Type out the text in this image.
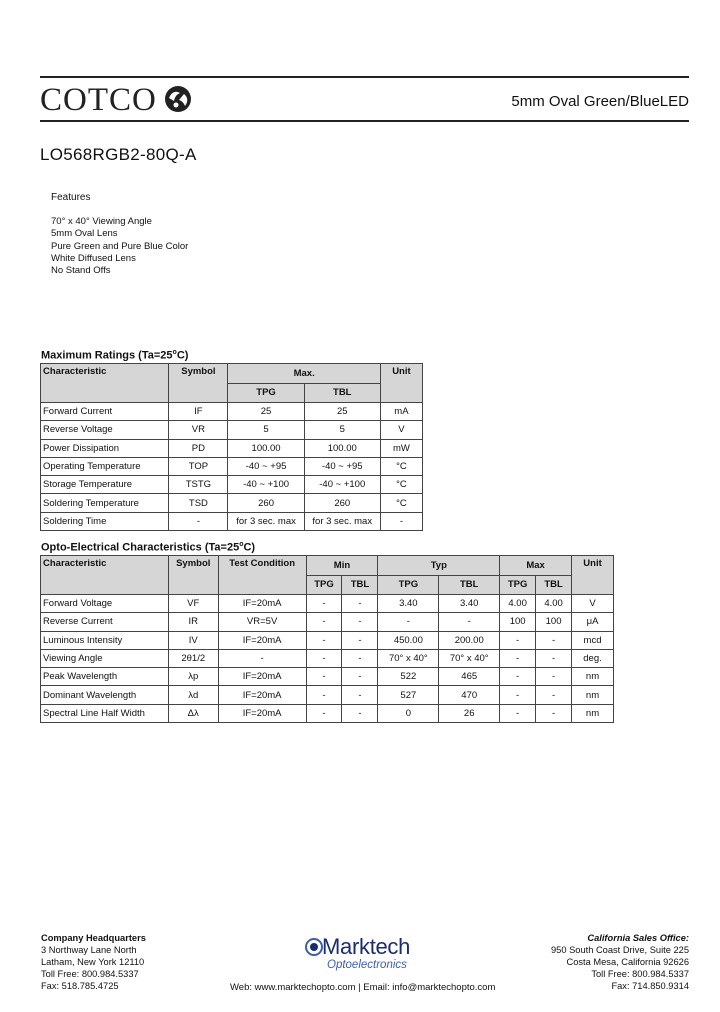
COTCO	5mm Oval Green/BlueLED
LO568RGB2-80Q-A
Features
70° x 40° Viewing Angle
5mm Oval Lens
Pure Green and Pure Blue Color
White Diffused Lens
No Stand Offs
Maximum Ratings $(Ta=25^oC)$
Characteristic	Symbol	Max.		Unit
		TPG	TBL	
Forward Current	IF	25	25	mA
Reverse Voltage	VR	5	5	V
Power Dissipation	PD	100.00	100.00	mW
Operating Temperature	TOP	-40 ~ +95	-40 ~ +95	°C
Storage Temperature	TSTG	-40 ~ +100	-40 ~ +100	°C
Soldering Temperature	TSD	260	260	°C
Soldering Time	-	for 3 sec. max	for 3 sec. max	-
Opto-Electrical Characteristics $(Ta=25^oC)$
Characteristic	Symbol	Test Condition	Min		Typ		Max		Unit
			TPG	TBL	TPG	TBL	TPG	TBL	
Forward Voltage	VF	IF=20mA	-	-	3.40	3.40	4.00	4.00	V
Reverse Current	IR	VR=5V	-	-	-	-	100	100	μA
Luminous Intensity	IV	IF=20mA	-	-	450.00	200.00	-	-	mcd
Viewing Angle	2θ1/2	-	-	-	70° x 40°	70° x 40°	-	-	deg.
Peak Wavelength	λp	IF=20mA	-	-	522	465	-	-	nm
Dominant Wavelength	λd	IF=20mA	-	-	527	470	-	-	nm
Spectral Line Half Width	Δλ	IF=20mA	-	-	0	26	-	-	nm
Company Headquarters
3 Northway Lane North
Latham, New York 12110
Toll Free: 800.984.5337
Fax: 518.785.4725
Marktech
Optoelectronics
Web: www.marktechopto.com | Email: info@marktechopto.com
California Sales Office:
950 South Coast Drive, Suite 225
Costa Mesa, California 92626
Toll Free: 800.984.5337
Fax: 714.850.9314
